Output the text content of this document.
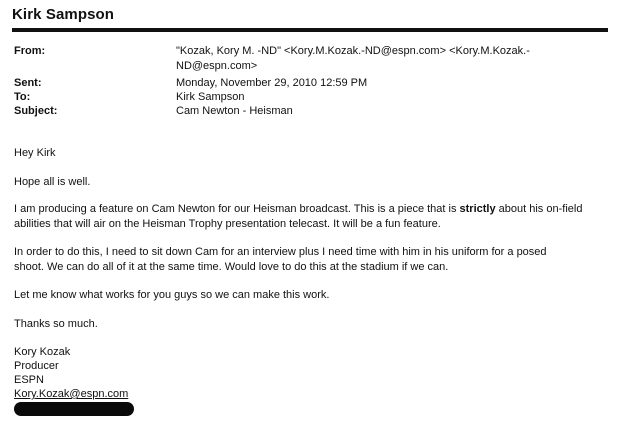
Kirk Sampson
From:	"Kozak, Kory M. -ND" <Kory.M.Kozak.-ND@espn.com> <Kory.M.Kozak.-
ND@espn.com>
Sent:	Monday, November 29, 2010 12:59 PM
To:	Kirk Sampson
Subject:	Cam Newton - Heisman
Hey Kirk
Hope all is well.
I am producing a feature on Cam Newton for our Heisman broadcast. This is a piece that is strictly about his on-field
abilities that will air on the Heisman Trophy presentation telecast. It will be a fun feature.
In order to do this, I need to sit down Cam for an interview plus I need time with him in his uniform for a posed
shoot. We can do all of it at the same time. Would love to do this at the stadium if we can.
Let me know what works for you guys so we can make this work.
Thanks so much.
Kory Kozak
Producer
ESPN
Kory.Kozak@espn.com
